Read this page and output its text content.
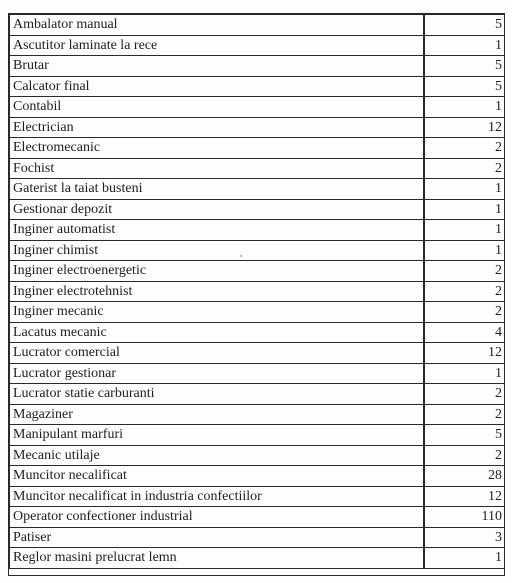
Ambalator manual	5
Ascutitor laminate la rece	1
Brutar	5
Calcator final	5
Contabil	1
Electrician	12
Electromecanic	2
Fochist	2
Gaterist la taiat busteni	1
Gestionar depozit	1
Inginer automatist	1
Inginer chimist	1
Inginer electroenergetic	2
Inginer electrotehnist	2
Inginer mecanic	2
Lacatus mecanic	4
Lucrator comercial	12
Lucrator gestionar	1
Lucrator statie carburanti	2
Magaziner	2
Manipulant marfuri	5
Mecanic utilaje	2
Muncitor necalificat	28
Muncitor necalificat in industria confectiilor	12
Operator confectioner industrial	110
Patiser	3
Reglor masini prelucrat lemn	1
